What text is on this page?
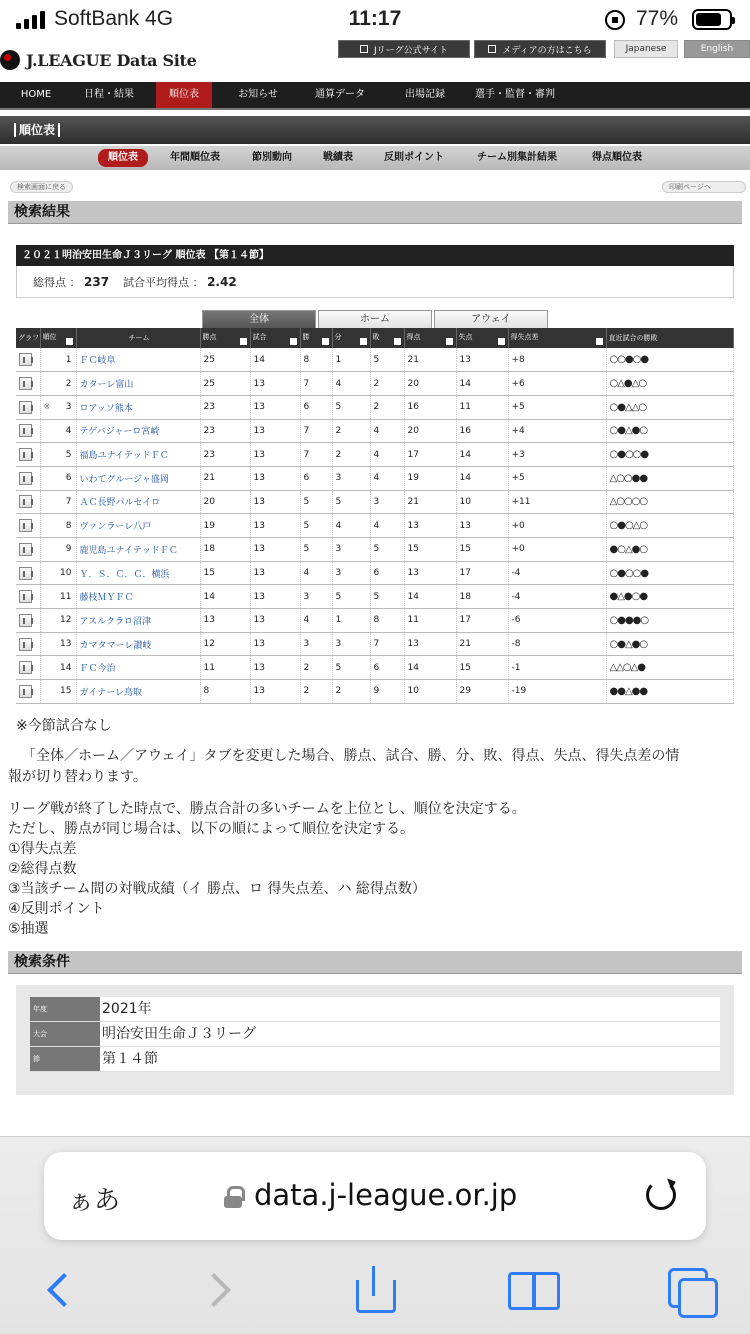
SoftBank 4G	11:17	77%
J.LEAGUE Data Site
Jリーグ公式サイト	メディアの方はこちら	Japanese	English
HOME	日程・結果	順位表	お知らせ	通算データ	出場記録	選手・監督・審判
順位表
順位表	年間順位表	節別動向	戦績表	反則ポイント	チーム別集計結果	得点順位表
検索画面に戻る	印刷ページへ
検索結果
２０２１明治安田生命Ｊ３リーグ 順位表 【第１４節】
総得点 ： 237 試合平均得点 ： 2.42
全体	ホーム	アウェイ
グラフ	順位	チーム	勝点	試合	勝	分	敗	得点	失点	得失点差	直近試合の勝敗

1	ＦＣ岐阜	25	14	8	1	5	21	13	+8	○○●○●

2	カターレ富山	25	13	7	4	2	20	14	+6	○△●△○

	※ 3	ロアッソ熊本	23	13	6	5	2	16	11	+5	○●△△○

4	テゲバジャーロ宮崎	23	13	7	2	4	20	16	+4	○●△●○

5	福島ユナイテッドＦＣ	23	13	7	2	4	17	14	+3	○●○○●

6	いわてグルージャ盛岡	21	13	6	3	4	19	14	+5	△○○●●

7	ＡＣ長野パルセイロ	20	13	5	5	3	21	10	+11	△○○○○

8	ヴァンラーレ八戸	19	13	5	4	4	13	13	+0	○●○△○

9	鹿児島ユナイテッドＦＣ	18	13	5	3	5	15	15	+0	●○△●○

10	Ｙ．Ｓ．Ｃ．Ｃ．横浜	15	13	4	3	6	13	17	-4	○●○○●

11	藤枝ＭＹＦＣ	14	13	3	5	5	14	18	-4	●△●○●

12	アスルクラロ沼津	13	13	4	1	8	11	17	-6	○●●●○

13	カマタマーレ讃岐	12	13	3	3	7	13	21	-8	○●△●○

14	ＦＣ今治	11	13	2	5	6	14	15	-1	△△○△●

15	ガイナーレ鳥取	8	13	2	2	9	10	29	-19	●●△●●
※今節試合なし
「全体／ホーム／アウェイ」タブを変更した場合、勝点、試合、勝、分、敗、得点、失点、得失点差の情
報が切り替わります。
リーグ戦が終了した時点で、勝点合計の多いチームを上位とし、順位を決定する。
ただし、勝点が同じ場合は、以下の順によって順位を決定する。
①得失点差
②総得点数
③当該チーム間の対戦成績（イ 勝点、ロ 得失点差、ハ 総得点数）
④反則ポイント
⑤抽選
検索条件
年度	2021年
大会	明治安田生命Ｊ３リーグ
節	第１４節
ぁあ	data.j-league.or.jp
